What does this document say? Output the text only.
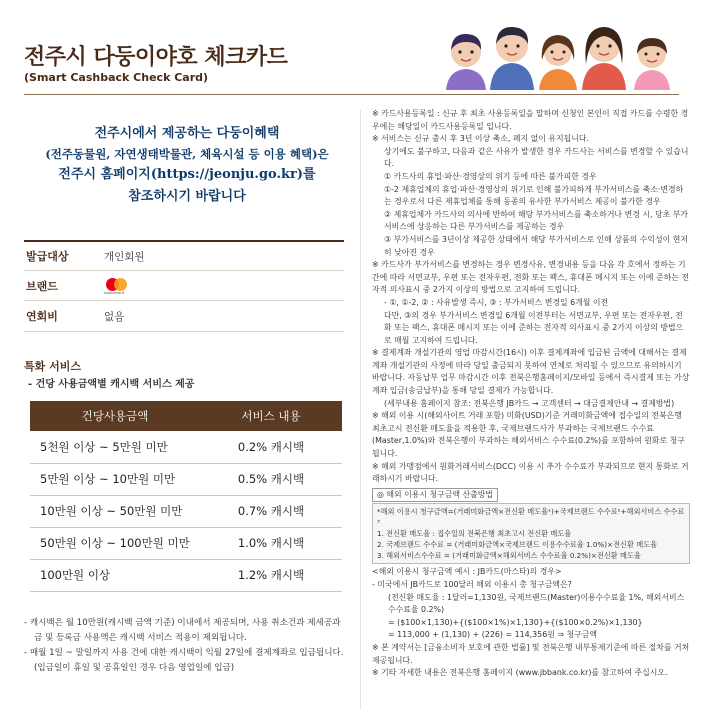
전주시 다둥이야호 체크카드
(Smart Cashback Check Card)
전주시에서 제공하는 다둥이혜택
(전주동물원, 자연생태박물관, 체육시설 등 이용 혜택)은
전주시 홈페이지(https://jeonju.go.kr)를
참조하시기 바랍니다
발급대상	개인회원
브랜드	mastercard
연회비	없음
특화 서비스
- 건당 사용금액별 캐시백 서비스 제공
건당사용금액	서비스 내용
5천원 이상 ~ 5만원 미만	0.2% 캐시백
5만원 이상 ~ 10만원 미만	0.5% 캐시백
10만원 이상 ~ 50만원 미만	0.7% 캐시백
50만원 이상 ~ 100만원 미만	1.0% 캐시백
100만원 이상	1.2% 캐시백
- 캐시백은 월 10만원(캐시백 금액 기준) 이내에서 제공되며, 사용 취소건과 제세공과금 및 등록금 사용액은 캐시백 서비스 적용이 제외됩니다.
- 매월 1일 ~ 말일까지 사용 건에 대한 캐시백이 익월 27일에 결제계좌로 입금됩니다.(입금일이 휴일 및 공휴일인 경우 다음 영업일에 입금)
※ 카드사용등록일 : 신규 후 최초 사용등록일을 말하며 신청인 본인이 직접 카드를 수령한 경우에는 해당일이 카드사용등록일 입니다.
※ 서비스는 신규 출시 후 3년 이상 축소, 폐지 없이 유지됩니다.
상기에도 불구하고, 다음과 같은 사유가 발생한 경우 카드사는 서비스를 변경할 수 있습니다.
① 카드사의 휴업·파산·경영상의 위기 등에 따른 불가피한 경우
①-2 제휴업체의 휴업·파산·경영상의 위기로 인해 불가피하게 부가서비스를 축소·변경하는 경우로서 다른 제휴업체를 통해 동종의 유사한 부가서비스 제공이 불가한 경우
② 제휴업체가 카드사의 의사에 반하여 해당 부가서비스를 축소하거나 변경 시, 당초 부가서비스에 상응하는 다른 부가서비스를 제공하는 경우
③ 부가서비스를 3년이상 제공한 상태에서 해당 부가서비스로 인해 상품의 수익성이 현저히 낮아진 경우
※ 카드사가 부가서비스를 변경하는 경우 변경사유, 변경내용 등을 다음 각 호에서 정하는 기간에 따라 서면교부, 우편 또는 전자우편, 전화 또는 팩스, 휴대폰 메시지 또는 이에 준하는 전자적 의사표시 중 2가지 이상의 방법으로 고지하여 드립니다.
- ①, ①-2, ② : 사유발생 즉시, ③ : 부가서비스 변경일 6개월 이전
다만, ③의 경우 부가서비스 변경일 6개월 이전부터는 서면교부, 우편 또는 전자우편, 전화 또는 팩스, 휴대폰 메시지 또는 이에 준하는 전자적 의사표시 중 2가지 이상의 방법으로 매월 고지하여 드립니다.
※ 결제계좌 개설기관의 영업 마감시간(16시) 이후 결제계좌에 입금된 금액에 대해서는 결제계좌 개설기관의 사정에 따라 당일 출금되지 못하여 연체로 처리될 수 있으므로 유의하시기 바랍니다. 자동납부 업무 마감시간 이후 전북은행홈페이지/모바일 등에서 즉시결제 또는 가상계좌 입금(송금납부)을 통해 당일 결제가 가능합니다.
(세부내용 홈페이지 참조: 전북은행 JB카드 → 고객센터 → 대금결제안내 → 결제방법)
※ 해외 이용 시(해외사이트 거래 포함) 미화(USD)기준 거래미화금액에 접수일의 전북은행 최초고시 전신환 매도율을 적용한 후, 국제브랜드사가 부과하는 국제브랜드 수수료(Master,1.0%)와 전북은행이 부과하는 해외서비스 수수료(0.2%)를 포함하여 원화로 청구됩니다.
※ 해외 가맹점에서 원화거래서비스(DCC) 이용 시 추가 수수료가 부과되므로 현지 통화로 거래하시기 바랍니다.
◎ 해외 이용시 청구금액 산출방법
*해외 이용시 청구금액=(거래미화금액×전신환 매도율¹)+국제브랜드 수수료²+해외서비스 수수료³
1. 전신환 매도율 : 접수일의 전북은행 최초고시 전신환 매도율
2. 국제브랜드 수수료 = (거래미화금액×국제브랜드 이용수수료율 1.0%)×전신환 매도율
3. 해외서비스수수료 = (거래미화금액×해외서비스 수수료율 0.2%)×전신환 매도율
<해외 이용시 청구금액 예시 : JB카드(마스타)의 경우>
- 미국에서 JB카드로 100달러 해외 이용시 총 청구금액은?
(전신환 매도율 : 1달러=1,130원, 국제브랜드(Master)이용수수료율 1%, 해외서비스 수수료율 0.2%)
= ($100×1,130)+{($100×1%)×1,130}+{($100×0.2%)×1,130}
= 113,000 + (1,130) + (226) = 114,356원 ⇒ 청구금액
※ 본 계약서는 [금융소비자 보호에 관한 법률] 및 전북은행 내부통제기준에 따른 절차를 거쳐 제공됩니다.
※ 기타 자세한 내용은 전북은행 홈페이지 (www.jbbank.co.kr)를 참고하여 주십시오.
